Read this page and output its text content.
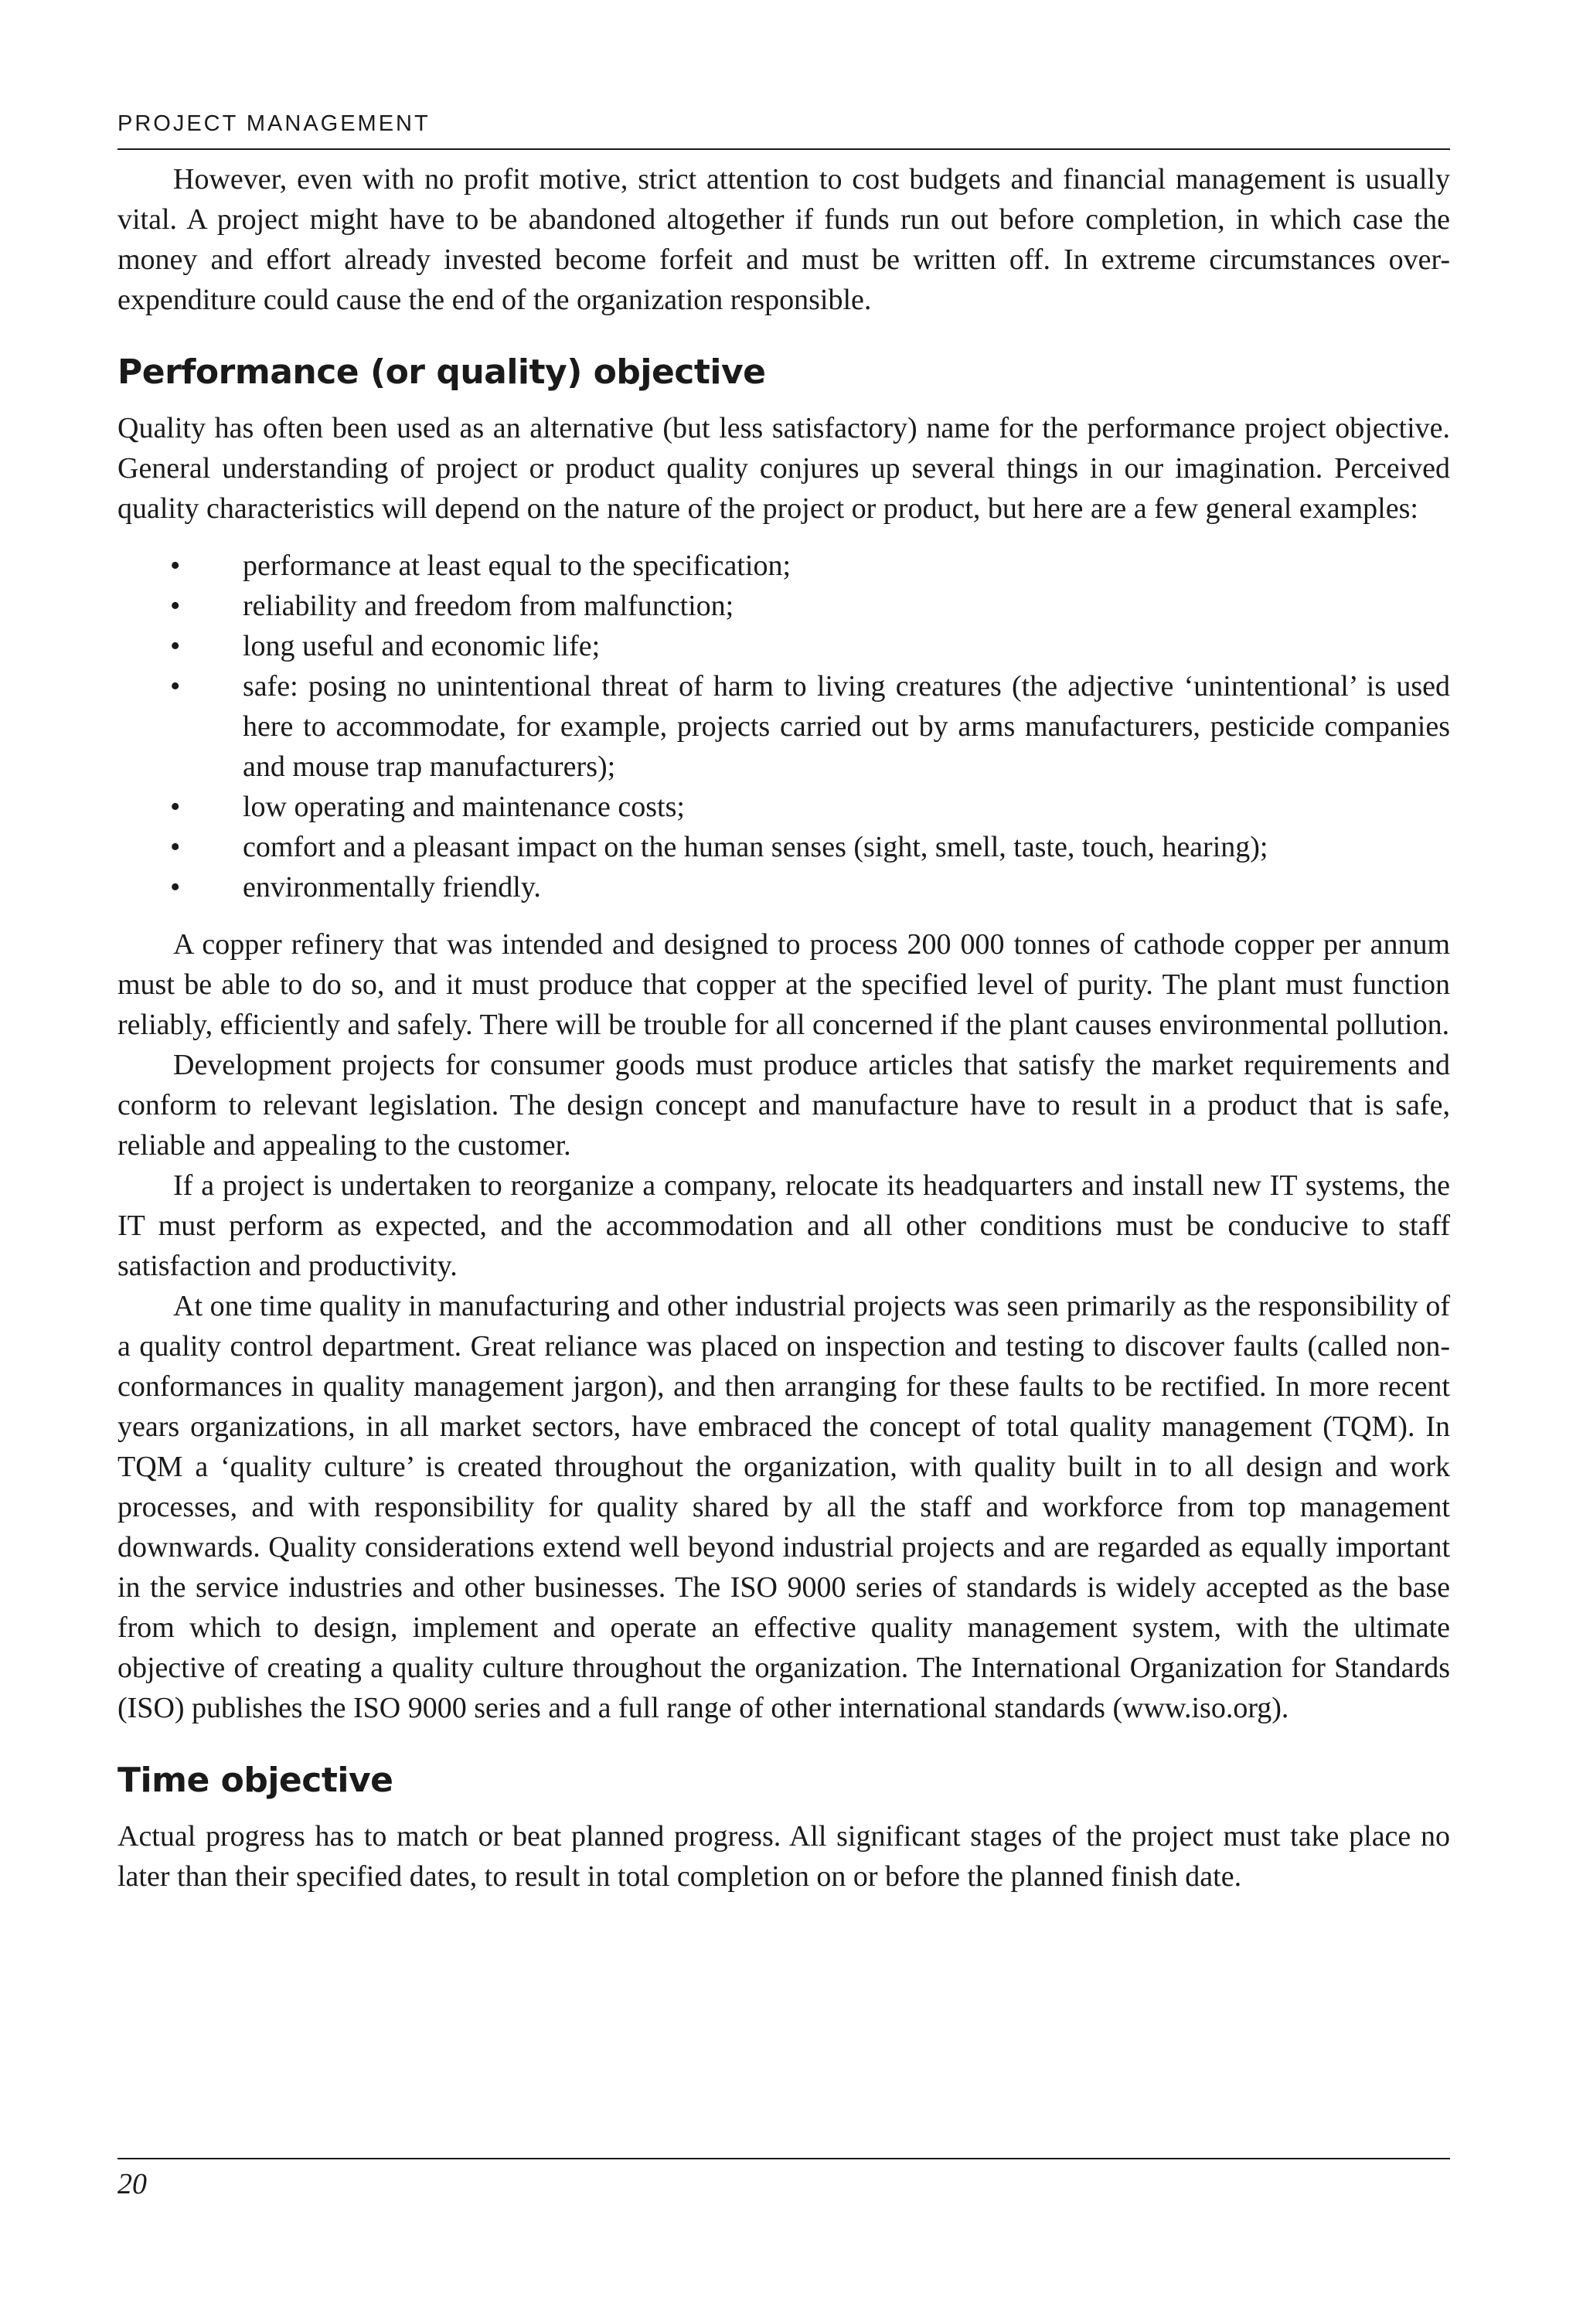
PROJECT MANAGEMENT

However, even with no profit motive, strict attention to cost budgets and financial management is usually vital. A project might have to be abandoned altogether if funds run out before completion, in which case the money and effort already invested become forfeit and must be written off. In extreme circumstances over-expenditure could cause the end of the organization responsible.

Performance (or quality) objective

Quality has often been used as an alternative (but less satisfactory) name for the performance project objective. General understanding of project or product quality conjures up several things in our imagination. Perceived quality characteristics will depend on the nature of the project or product, but here are a few general examples:

• performance at least equal to the specification;
• reliability and freedom from malfunction;
• long useful and economic life;
• safe: posing no unintentional threat of harm to living creatures (the adjective ‘unintentional’ is used here to accommodate, for example, projects carried out by arms manufacturers, pesticide companies and mouse trap manufacturers);
• low operating and maintenance costs;
• comfort and a pleasant impact on the human senses (sight, smell, taste, touch, hearing);
• environmentally friendly.

A copper refinery that was intended and designed to process 200 000 tonnes of cathode copper per annum must be able to do so, and it must produce that copper at the specified level of purity. The plant must function reliably, efficiently and safely. There will be trouble for all concerned if the plant causes environmental pollution.

Development projects for consumer goods must produce articles that satisfy the market requirements and conform to relevant legislation. The design concept and manufacture have to result in a product that is safe, reliable and appealing to the customer.

If a project is undertaken to reorganize a company, relocate its headquarters and install new IT systems, the IT must perform as expected, and the accommodation and all other conditions must be conducive to staff satisfaction and productivity.

At one time quality in manufacturing and other industrial projects was seen primarily as the responsibility of a quality control department. Great reliance was placed on inspection and testing to discover faults (called non-conformances in quality management jargon), and then arranging for these faults to be rectified. In more recent years organizations, in all market sectors, have embraced the concept of total quality management (TQM). In TQM a ‘quality culture’ is created throughout the organization, with quality built in to all design and work processes, and with responsibility for quality shared by all the staff and workforce from top management downwards. Quality considerations extend well beyond industrial projects and are regarded as equally important in the service industries and other businesses. The ISO 9000 series of standards is widely accepted as the base from which to design, implement and operate an effective quality management system, with the ultimate objective of creating a quality culture throughout the organization. The International Organization for Standards (ISO) publishes the ISO 9000 series and a full range of other international standards (www.iso.org).

Time objective

Actual progress has to match or beat planned progress. All significant stages of the project must take place no later than their specified dates, to result in total completion on or before the planned finish date.

20
